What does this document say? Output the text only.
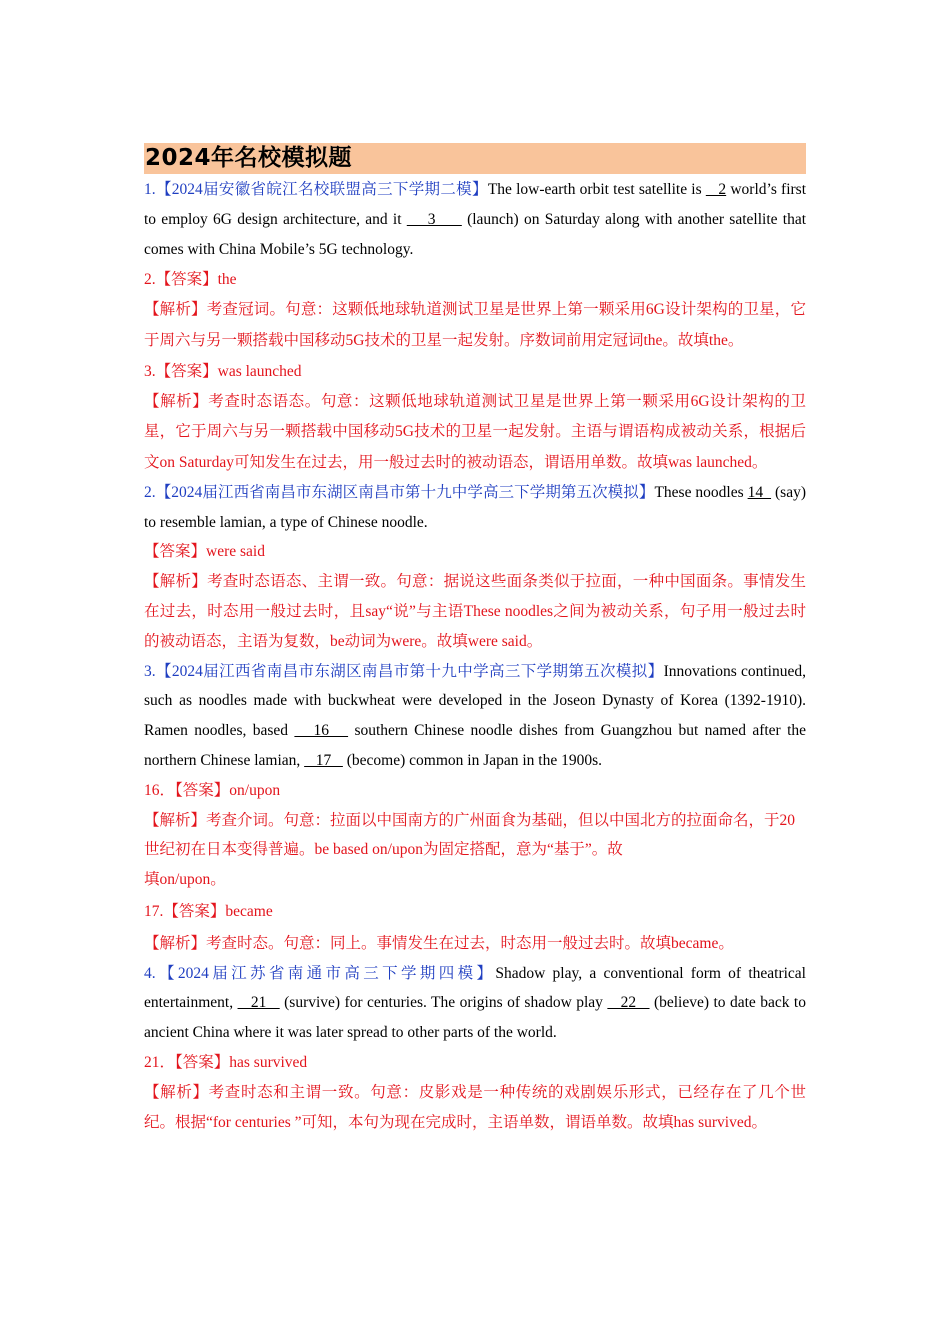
2024年名校模拟题

1.【2024届安徽省皖江名校联盟高三下学期二模】The low-earth orbit test satellite is    2 world’s first to employ 6G design architecture, and it     3      (launch) on Saturday along with another satellite that comes with China Mobile’s 5G technology.

2.【答案】the

【解析】考查冠词。句意：这颗低地球轨道测试卫星是世界上第一颗采用6G设计架构的卫星，它于周六与另一颗搭载中国移动5G技术的卫星一起发射。序数词前用定冠词the。故填the。

3.【答案】was launched

【解析】考查时态语态。句意：这颗低地球轨道测试卫星是世界上第一颗采用6G设计架构的卫星，它于周六与另一颗搭载中国移动5G技术的卫星一起发射。主语与谓语构成被动关系，根据后文on Saturday可知发生在过去，用一般过去时的被动语态，谓语用单数。故填was launched。

2.【2024届江西省南昌市东湖区南昌市第十九中学高三下学期第五次模拟】These noodles 14   (say) to resemble lamian, a type of Chinese noodle.

【答案】were said

【解析】考查时态语态、主谓一致。句意：据说这些面条类似于拉面，一种中国面条。事情发生在过去，时态用一般过去时，且say“说”与主语These noodles之间为被动关系，句子用一般过去时的被动语态，主语为复数，be动词为were。故填were said。

3.【2024届江西省南昌市东湖区南昌市第十九中学高三下学期第五次模拟】Innovations continued, such as noodles made with buckwheat were developed in the Joseon Dynasty of Korea (1392-1910). Ramen noodles, based    16    southern Chinese noodle dishes from Guangzhou but named after the northern Chinese lamian,    17    (become) common in Japan in the 1900s.

16．【答案】on/upon

【解析】考查介词。句意：拉面以中国南方的广州面食为基础，但以中国北方的拉面命名，于20世纪初在日本变得普遍。be based on/upon为固定搭配，意为“基于”。故
填on/upon。

17.【答案】became

【解析】考查时态。句意：同上。事情发生在过去，时态用一般过去时。故填became。

4.【2024届江苏省南通市高三下学期四模】Shadow play, a conventional form of theatrical entertainment,    21    (survive) for centuries. The origins of shadow play    22    (believe) to date back to ancient China where it was later spread to other parts of the world.

21．【答案】has survived

【解析】考查时态和主谓一致。句意：皮影戏是一种传统的戏剧娱乐形式，已经存在了几个世纪。根据“for centuries ”可知，本句为现在完成时，主语单数，谓语单数。故填has survived。
